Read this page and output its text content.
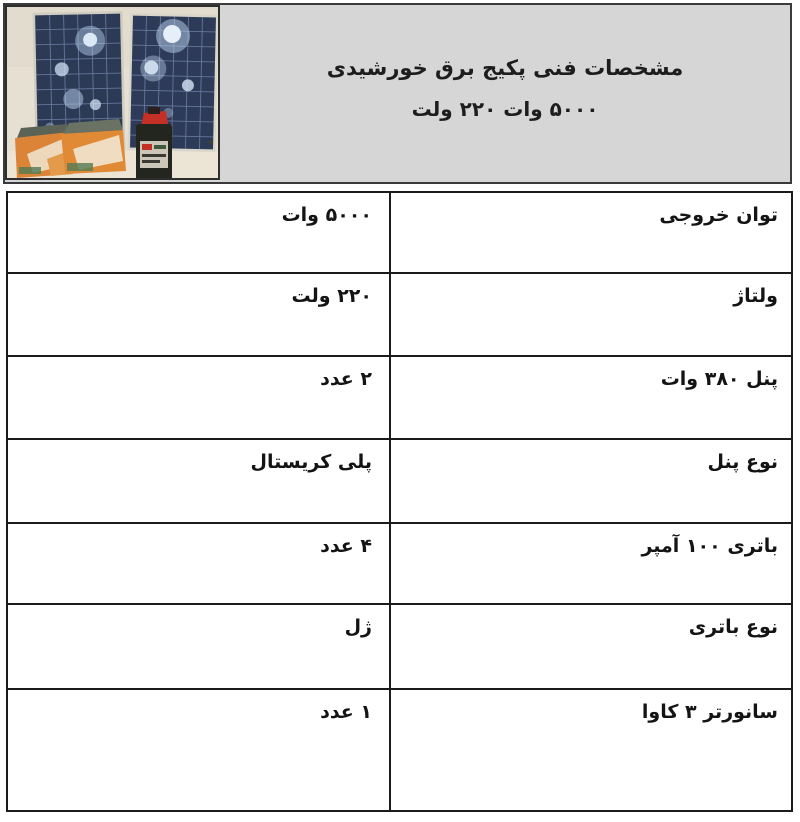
مشخصات فنی پکیج برق خورشیدی
۵۰۰۰ وات ۲۲۰ ولت
۵۰۰۰ وات	توان خروجی
۲۲۰ ولت	ولتاژ
۲ عدد	پنل ۳۸۰ وات
پلی کریستال	نوع پنل
۴ عدد	باتری ۱۰۰ آمپر
ژل	نوع باتری
۱ عدد	سانورتر ۳ کاوا
